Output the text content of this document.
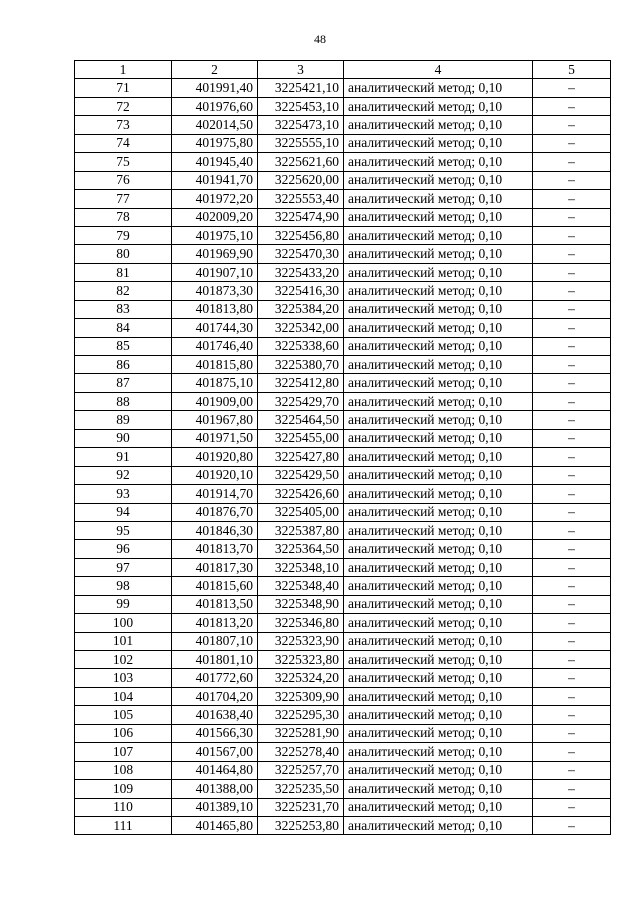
48
1	2	3	4	5
71	401991,40	3225421,10	аналитический метод; 0,10	–
72	401976,60	3225453,10	аналитический метод; 0,10	–
73	402014,50	3225473,10	аналитический метод; 0,10	–
74	401975,80	3225555,10	аналитический метод; 0,10	–
75	401945,40	3225621,60	аналитический метод; 0,10	–
76	401941,70	3225620,00	аналитический метод; 0,10	–
77	401972,20	3225553,40	аналитический метод; 0,10	–
78	402009,20	3225474,90	аналитический метод; 0,10	–
79	401975,10	3225456,80	аналитический метод; 0,10	–
80	401969,90	3225470,30	аналитический метод; 0,10	–
81	401907,10	3225433,20	аналитический метод; 0,10	–
82	401873,30	3225416,30	аналитический метод; 0,10	–
83	401813,80	3225384,20	аналитический метод; 0,10	–
84	401744,30	3225342,00	аналитический метод; 0,10	–
85	401746,40	3225338,60	аналитический метод; 0,10	–
86	401815,80	3225380,70	аналитический метод; 0,10	–
87	401875,10	3225412,80	аналитический метод; 0,10	–
88	401909,00	3225429,70	аналитический метод; 0,10	–
89	401967,80	3225464,50	аналитический метод; 0,10	–
90	401971,50	3225455,00	аналитический метод; 0,10	–
91	401920,80	3225427,80	аналитический метод; 0,10	–
92	401920,10	3225429,50	аналитический метод; 0,10	–
93	401914,70	3225426,60	аналитический метод; 0,10	–
94	401876,70	3225405,00	аналитический метод; 0,10	–
95	401846,30	3225387,80	аналитический метод; 0,10	–
96	401813,70	3225364,50	аналитический метод; 0,10	–
97	401817,30	3225348,10	аналитический метод; 0,10	–
98	401815,60	3225348,40	аналитический метод; 0,10	–
99	401813,50	3225348,90	аналитический метод; 0,10	–
100	401813,20	3225346,80	аналитический метод; 0,10	–
101	401807,10	3225323,90	аналитический метод; 0,10	–
102	401801,10	3225323,80	аналитический метод; 0,10	–
103	401772,60	3225324,20	аналитический метод; 0,10	–
104	401704,20	3225309,90	аналитический метод; 0,10	–
105	401638,40	3225295,30	аналитический метод; 0,10	–
106	401566,30	3225281,90	аналитический метод; 0,10	–
107	401567,00	3225278,40	аналитический метод; 0,10	–
108	401464,80	3225257,70	аналитический метод; 0,10	–
109	401388,00	3225235,50	аналитический метод; 0,10	–
110	401389,10	3225231,70	аналитический метод; 0,10	–
111	401465,80	3225253,80	аналитический метод; 0,10	–
